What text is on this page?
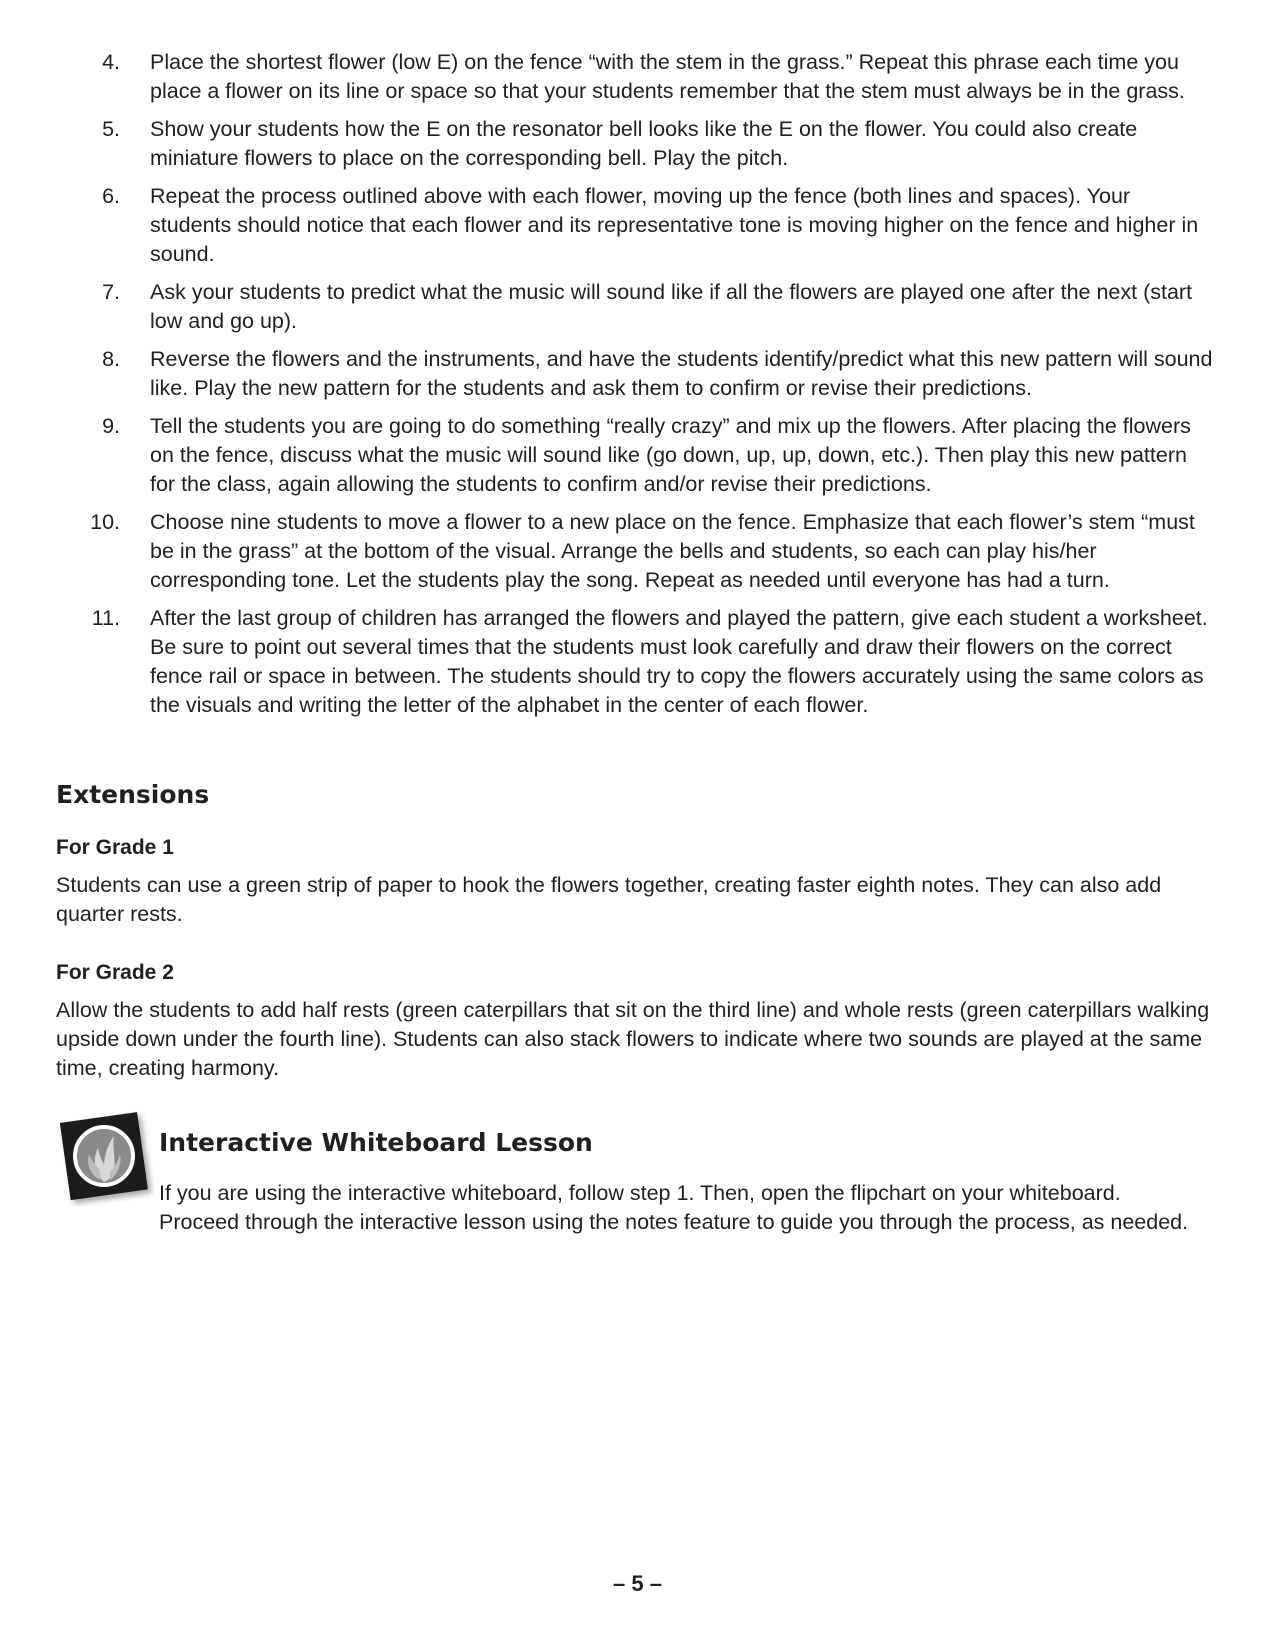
4. Place the shortest flower (low E) on the fence “with the stem in the grass.” Repeat this phrase each time you place a flower on its line or space so that your students remember that the stem must always be in the grass.
5. Show your students how the E on the resonator bell looks like the E on the flower. You could also create miniature flowers to place on the corresponding bell. Play the pitch.
6. Repeat the process outlined above with each flower, moving up the fence (both lines and spaces). Your students should notice that each flower and its representative tone is moving higher on the fence and higher in sound.
7. Ask your students to predict what the music will sound like if all the flowers are played one after the next (start low and go up).
8. Reverse the flowers and the instruments, and have the students identify/predict what this new pattern will sound like. Play the new pattern for the students and ask them to confirm or revise their predictions.
9. Tell the students you are going to do something “really crazy” and mix up the flowers. After placing the flowers on the fence, discuss what the music will sound like (go down, up, up, down, etc.). Then play this new pattern for the class, again allowing the students to confirm and/or revise their predictions.
10. Choose nine students to move a flower to a new place on the fence. Emphasize that each flower’s stem “must be in the grass” at the bottom of the visual. Arrange the bells and students, so each can play his/her corresponding tone. Let the students play the song. Repeat as needed until everyone has had a turn.
11. After the last group of children has arranged the flowers and played the pattern, give each student a worksheet. Be sure to point out several times that the students must look carefully and draw their flowers on the correct fence rail or space in between. The students should try to copy the flowers accurately using the same colors as the visuals and writing the letter of the alphabet in the center of each flower.
Extensions
For Grade 1

Students can use a green strip of paper to hook the flowers together, creating faster eighth notes. They can also add quarter rests.

For Grade 2

Allow the students to add half rests (green caterpillars that sit on the third line) and whole rests (green caterpillars walking upside down under the fourth line). Students can also stack flowers to indicate where two sounds are played at the same time, creating harmony.

Interactive Whiteboard Lesson

If you are using the interactive whiteboard, follow step 1. Then, open the flipchart on your whiteboard. Proceed through the interactive lesson using the notes feature to guide you through the process, as needed.

– 5 –
